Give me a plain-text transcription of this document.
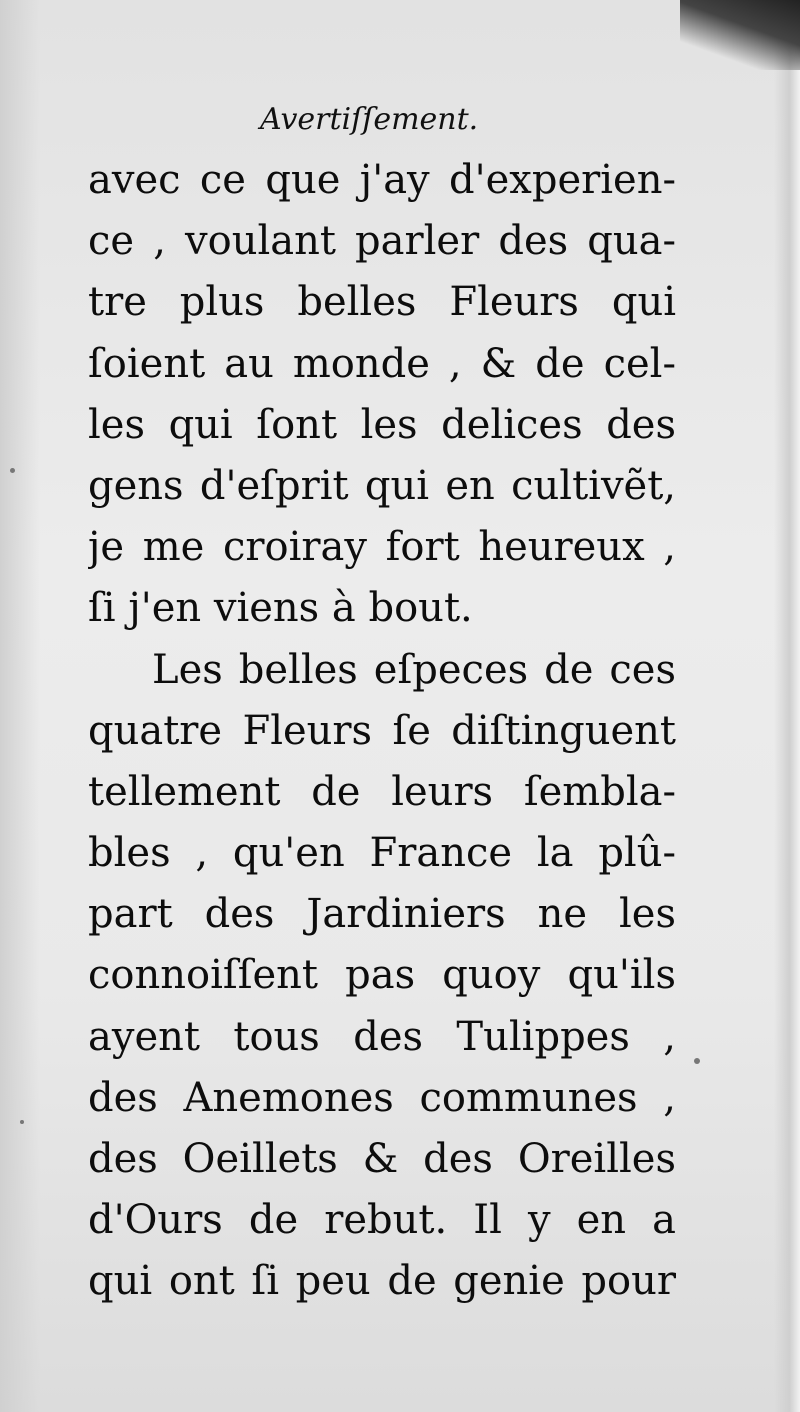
Avertiſſement.
avec ce que j'ay d'experien-
ce , voulant parler des qua-
tre plus belles Fleurs qui
ſoient au monde , & de cel-
les qui ſont les delices des
gens d'eſprit qui en cultivẽt,
je me croiray fort heureux ,
ſi j'en viens à bout.
Les belles eſpeces de ces
quatre Fleurs ſe diſtinguent
tellement de leurs ſembla-
bles , qu'en France la plû-
part des Jardiniers ne les
connoiſſent pas quoy qu'ils
ayent tous des Tulippes ,
des Anemones communes ,
des Oeillets & des Oreilles
d'Ours de rebut. Il y en a
qui ont ſi peu de genie pour
